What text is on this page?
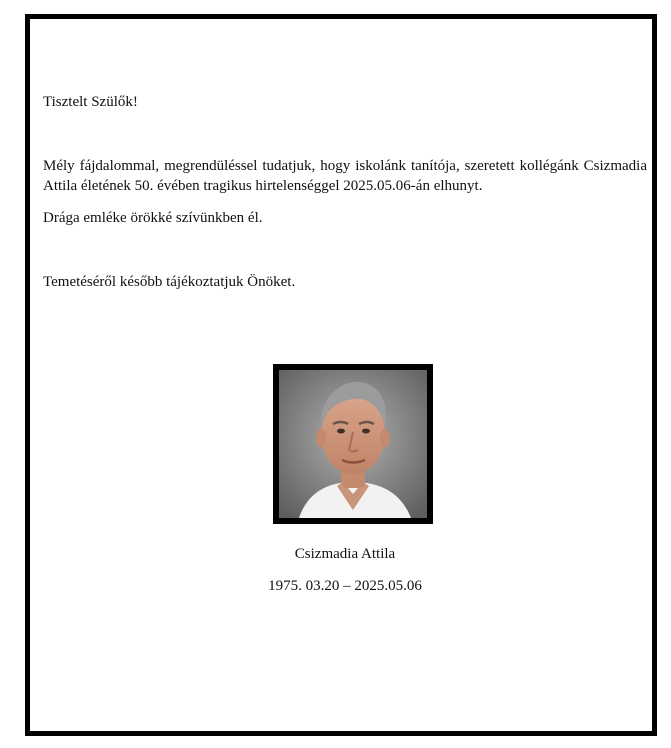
Tisztelt Szülők!

Mély fájdalommal, megrendüléssel tudatjuk, hogy iskolánk tanítója, szeretett kollégánk Csizmadia Attila életének 50. évében tragikus hirtelenséggel 2025.05.06-án elhunyt.

Drága emléke örökké szívünkben él.

Temetéséről később tájékoztatjuk Önöket.

Csizmadia Attila
1975. 03.20 – 2025.05.06
